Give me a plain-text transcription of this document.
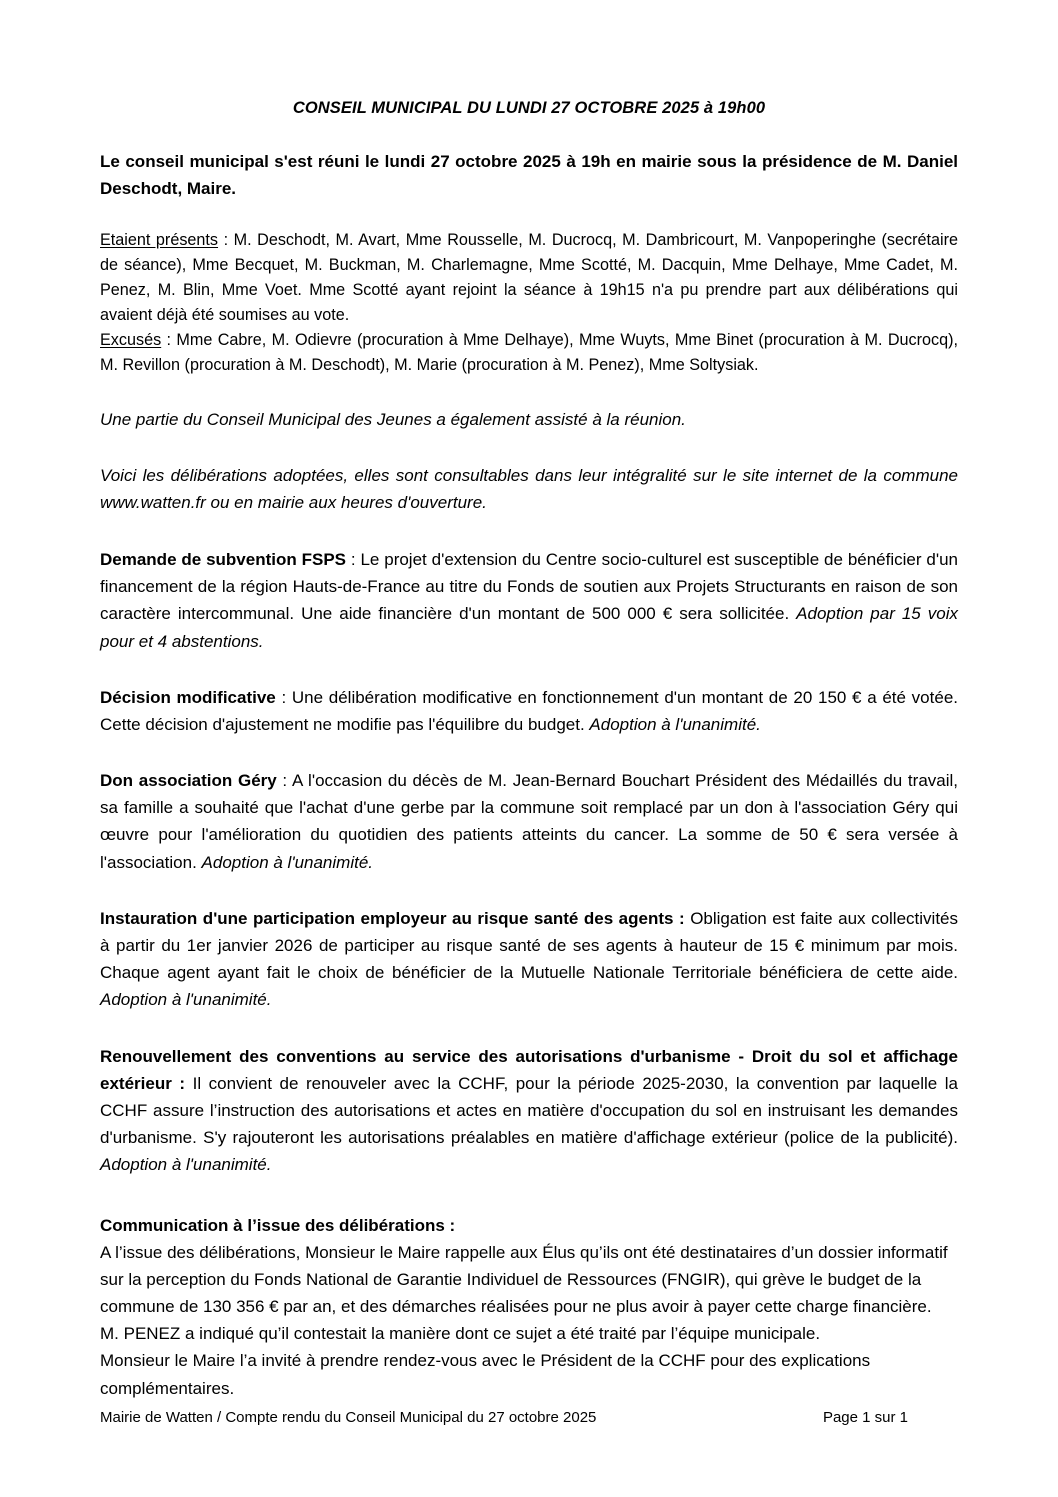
CONSEIL MUNICIPAL DU LUNDI 27 OCTOBRE 2025 à 19h00

Le conseil municipal s'est réuni le lundi 27 octobre 2025 à 19h en mairie sous la présidence de M. Daniel Deschodt, Maire.

Etaient présents : M. Deschodt, M. Avart, Mme Rousselle, M. Ducrocq, M. Dambricourt, M. Vanpoperinghe (secrétaire de séance), Mme Becquet, M. Buckman, M. Charlemagne, Mme Scotté, M. Dacquin, Mme Delhaye, Mme Cadet, M. Penez, M. Blin, Mme Voet. Mme Scotté ayant rejoint la séance à 19h15 n'a pu prendre part aux délibérations qui avaient déjà été soumises au vote.

Excusés : Mme Cabre, M. Odievre (procuration à Mme Delhaye), Mme Wuyts, Mme Binet (procuration à M. Ducrocq), M. Revillon (procuration à M. Deschodt), M. Marie (procuration à M. Penez), Mme Soltysiak.

Une partie du Conseil Municipal des Jeunes a également assisté à la réunion.

Voici les délibérations adoptées, elles sont consultables dans leur intégralité sur le site internet de la commune www.watten.fr ou en mairie aux heures d'ouverture.

Demande de subvention FSPS : Le projet d'extension du Centre socio-culturel est susceptible de bénéficier d'un financement de la région Hauts-de-France au titre du Fonds de soutien aux Projets Structurants en raison de son caractère intercommunal. Une aide financière d'un montant de 500 000 € sera sollicitée. Adoption par 15 voix pour et 4 abstentions.

Décision modificative : Une délibération modificative en fonctionnement d'un montant de 20 150 € a été votée. Cette décision d'ajustement ne modifie pas l'équilibre du budget. Adoption à l'unanimité.

Don association Géry : A l'occasion du décès de M. Jean-Bernard Bouchart Président des Médaillés du travail, sa famille a souhaité que l'achat d'une gerbe par la commune soit remplacé par un don à l'association Géry qui œuvre pour l'amélioration du quotidien des patients atteints du cancer. La somme de 50 € sera versée à l'association. Adoption à l'unanimité.

Instauration d'une participation employeur au risque santé des agents : Obligation est faite aux collectivités à partir du 1er janvier 2026 de participer au risque santé de ses agents à hauteur de 15 € minimum par mois. Chaque agent ayant fait le choix de bénéficier de la Mutuelle Nationale Territoriale bénéficiera de cette aide. Adoption à l'unanimité.

Renouvellement des conventions au service des autorisations d'urbanisme - Droit du sol et affichage extérieur : Il convient de renouveler avec la CCHF, pour la période 2025-2030, la convention par laquelle la CCHF assure l’instruction des autorisations et actes en matière d'occupation du sol en instruisant les demandes d'urbanisme. S'y rajouteront les autorisations préalables en matière d'affichage extérieur (police de la publicité). Adoption à l'unanimité.

Communication à l’issue des délibérations :

A l’issue des délibérations, Monsieur le Maire rappelle aux Élus qu’ils ont été destinataires d’un dossier informatif sur la perception du Fonds National de Garantie Individuel de Ressources (FNGIR), qui grève le budget de la commune de 130 356 € par an, et des démarches réalisées pour ne plus avoir à payer cette charge financière.

M. PENEZ a indiqué qu’il contestait la manière dont ce sujet a été traité par l’équipe municipale.

Monsieur le Maire l’a invité à prendre rendez-vous avec le Président de la CCHF pour des explications complémentaires.

Mairie de Watten / Compte rendu du Conseil Municipal du 27 octobre 2025	Page 1 sur 1
